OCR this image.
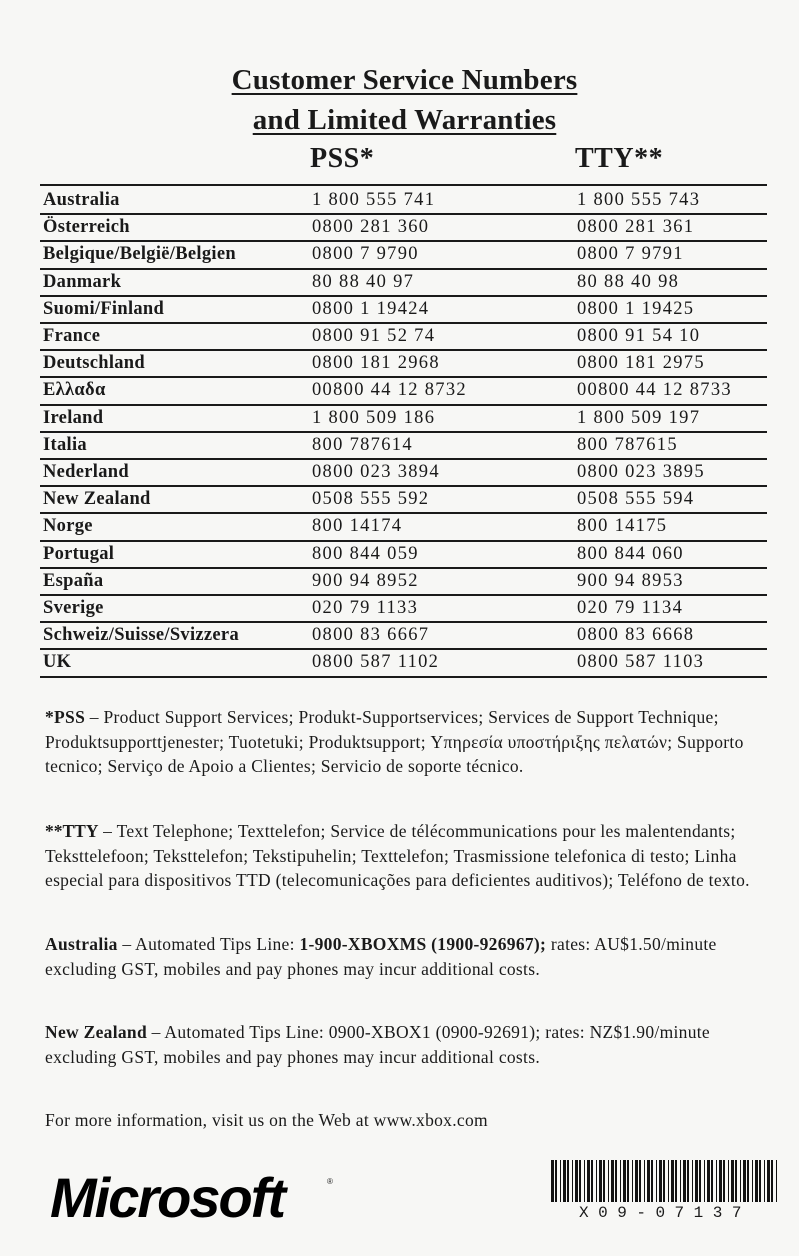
Customer Service Numbers
and Limited Warranties
PSS*	TTY**
Australia	1 800 555 741	1 800 555 743
Österreich	0800 281 360	0800 281 361
Belgique/België/Belgien	0800 7 9790	0800 7 9791
Danmark	80 88 40 97	80 88 40 98
Suomi/Finland	0800 1 19424	0800 1 19425
France	0800 91 52 74	0800 91 54 10
Deutschland	0800 181 2968	0800 181 2975
Ελλαδα	00800 44 12 8732	00800 44 12 8733
Ireland	1 800 509 186	1 800 509 197
Italia	800 787614	800 787615
Nederland	0800 023 3894	0800 023 3895
New Zealand	0508 555 592	0508 555 594
Norge	800 14174	800 14175
Portugal	800 844 059	800 844 060
España	900 94 8952	900 94 8953
Sverige	020 79 1133	020 79 1134
Schweiz/Suisse/Svizzera	0800 83 6667	0800 83 6668
UK	0800 587 1102	0800 587 1103
*PSS – Product Support Services; Produkt-Supportservices; Services de Support Technique; Produktsupporttjenester; Tuotetuki; Produktsupport; Υπηρεσία υποστήριξης πελατών; Supporto tecnico; Serviço de Apoio a Clientes; Servicio de soporte técnico.
**TTY – Text Telephone; Texttelefon; Service de télécommunications pour les malentendants; Teksttelefoon; Teksttelefon; Tekstipuhelin; Texttelefon; Trasmissione telefonica di testo; Linha especial para dispositivos TTD (telecomunicações para deficientes auditivos); Teléfono de texto.
Australia – Automated Tips Line: 1-900-XBOXMS (1900-926967); rates: AU$1.50/minute excluding GST, mobiles and pay phones may incur additional costs.
New Zealand – Automated Tips Line: 0900-XBOX1 (0900-92691); rates: NZ$1.90/minute excluding GST, mobiles and pay phones may incur additional costs.
For more information, visit us on the Web at www.xbox.com
Microsoft	®
X09-07137
